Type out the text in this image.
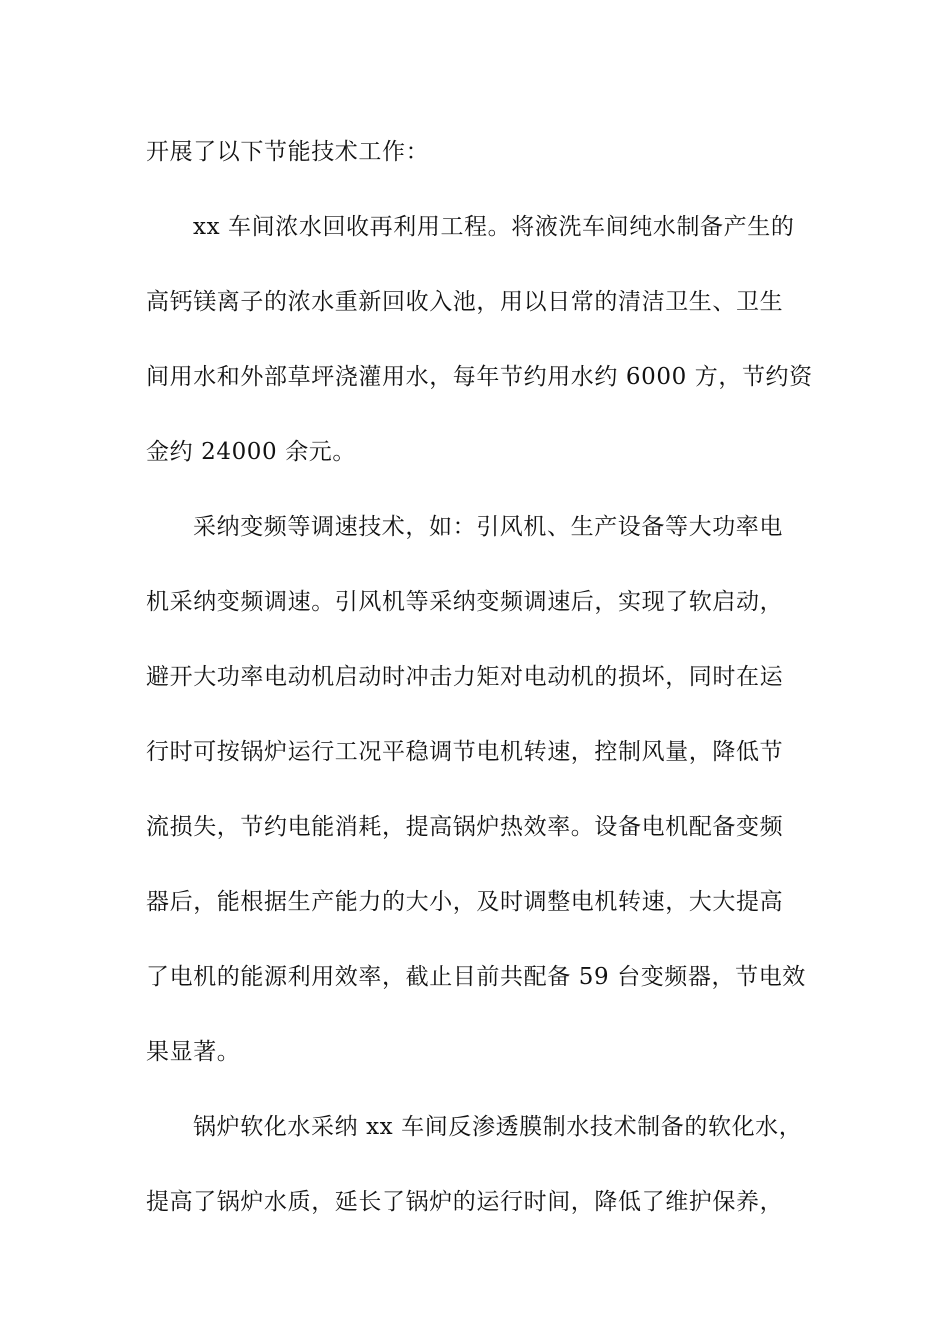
开展了以下节能技术工作：
xx 车间浓水回收再利用工程。将液洗车间纯水制备产生的
高钙镁离子的浓水重新回收入池，用以日常的清洁卫生、卫生
间用水和外部草坪浇灌用水，每年节约用水约 6000 方，节约资
金约 24000 余元。
采纳变频等调速技术，如：引风机、生产设备等大功率电
机采纳变频调速。引风机等采纳变频调速后，实现了软启动，
避开大功率电动机启动时冲击力矩对电动机的损坏，同时在运
行时可按锅炉运行工况平稳调节电机转速，控制风量，降低节
流损失，节约电能消耗，提高锅炉热效率。设备电机配备变频
器后，能根据生产能力的大小，及时调整电机转速，大大提高
了电机的能源利用效率，截止目前共配备 59 台变频器，节电效
果显著。
锅炉软化水采纳 xx 车间反渗透膜制水技术制备的软化水，
提高了锅炉水质，延长了锅炉的运行时间，降低了维护保养，
